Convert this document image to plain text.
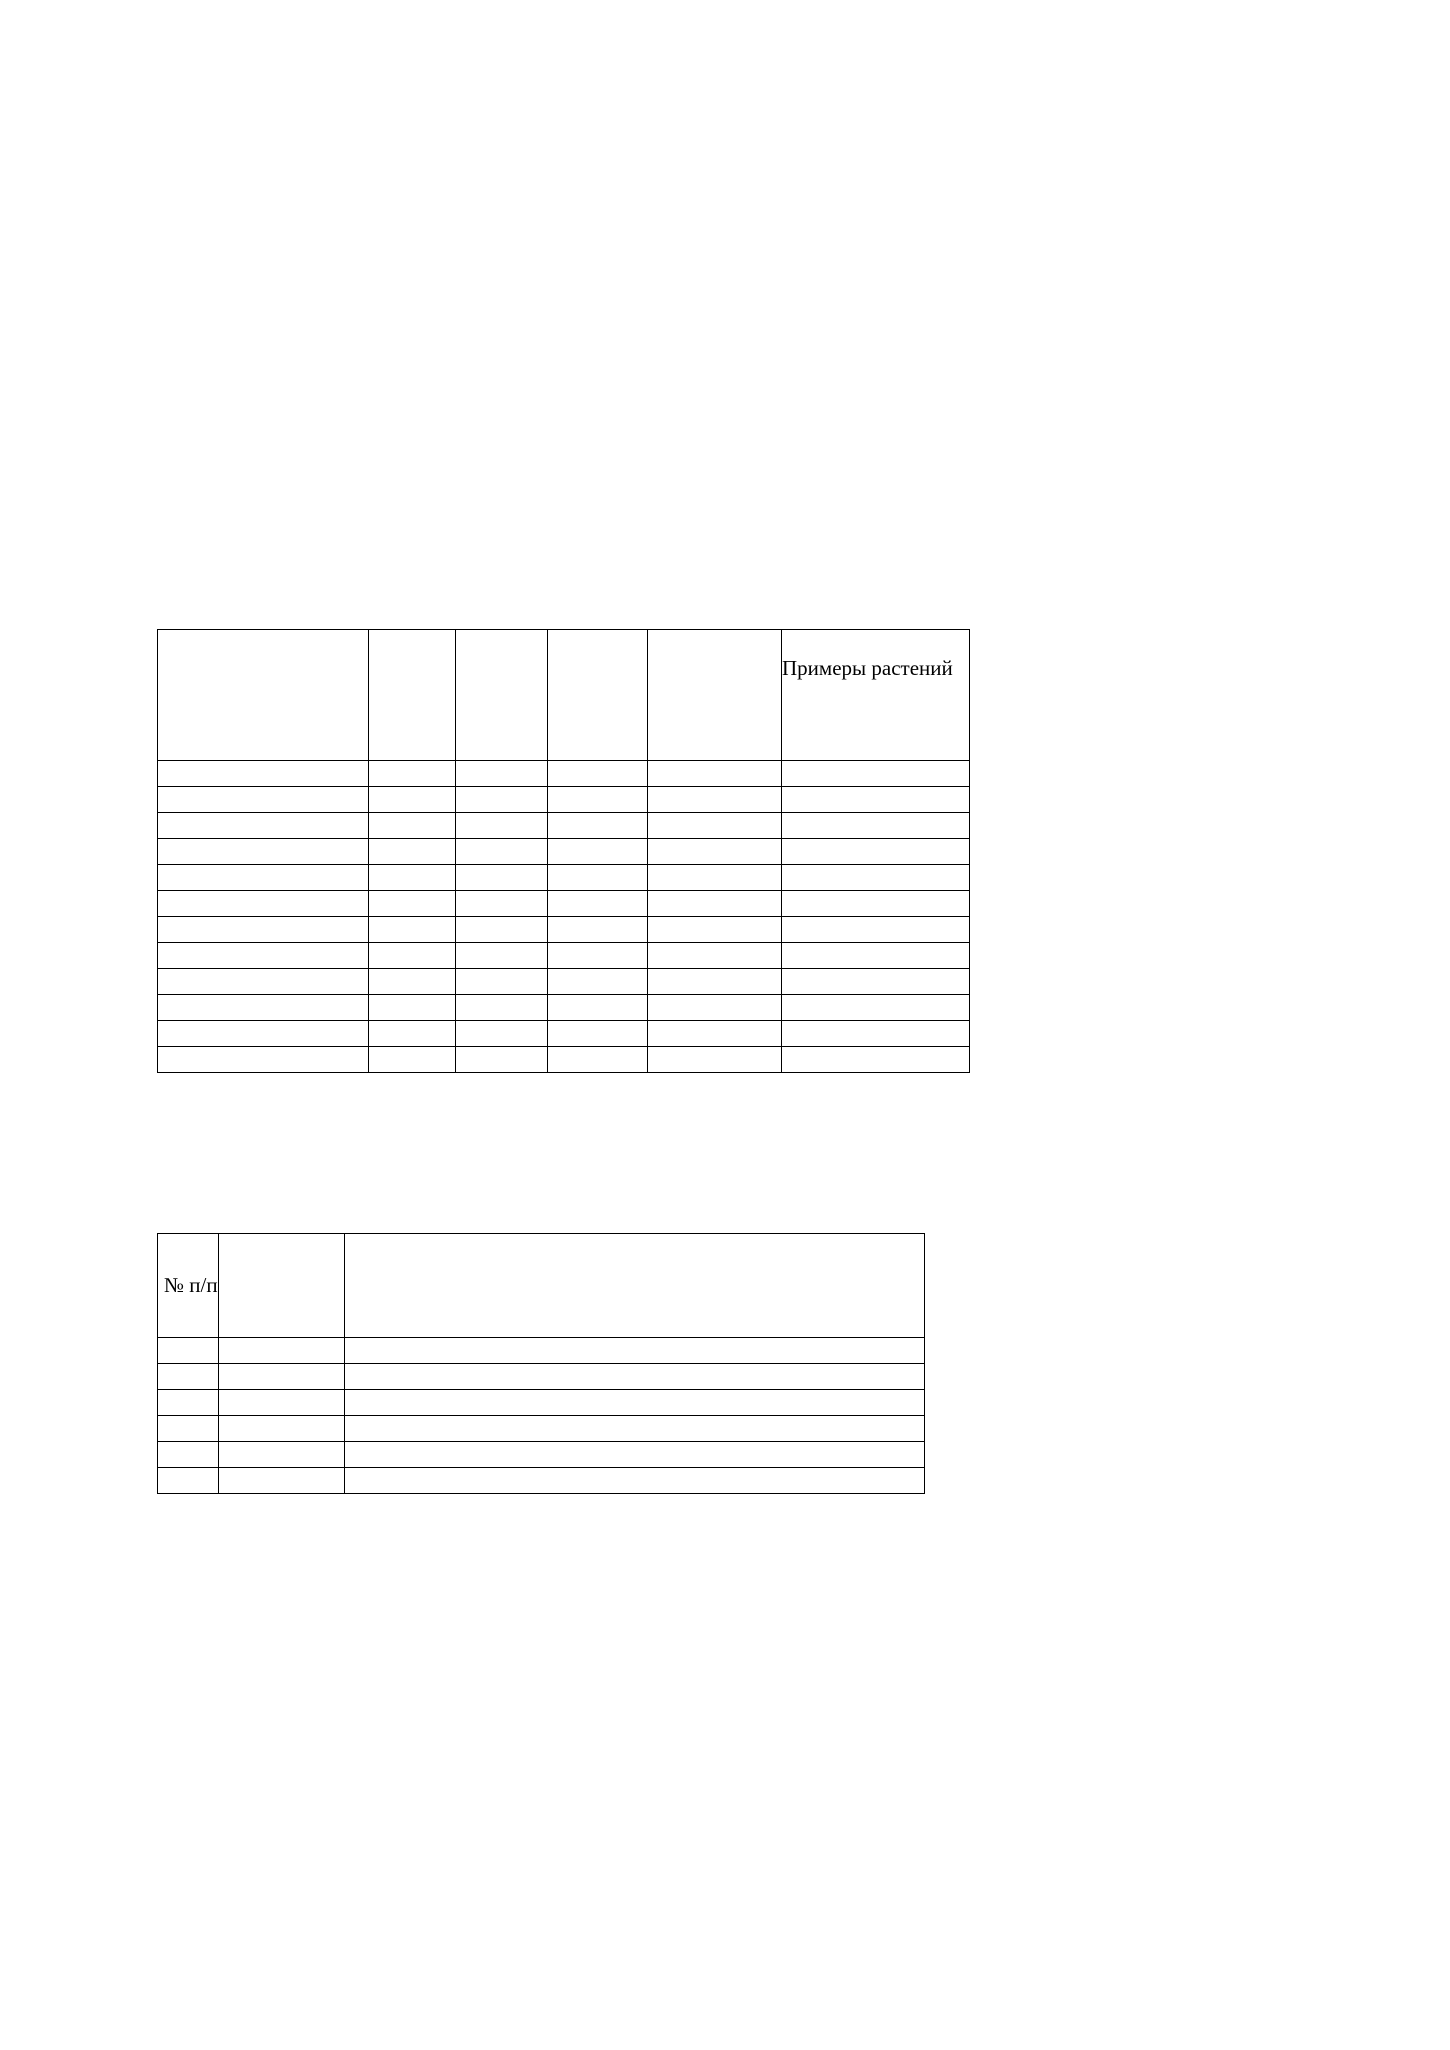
					Примеры растений

№ п/п		
